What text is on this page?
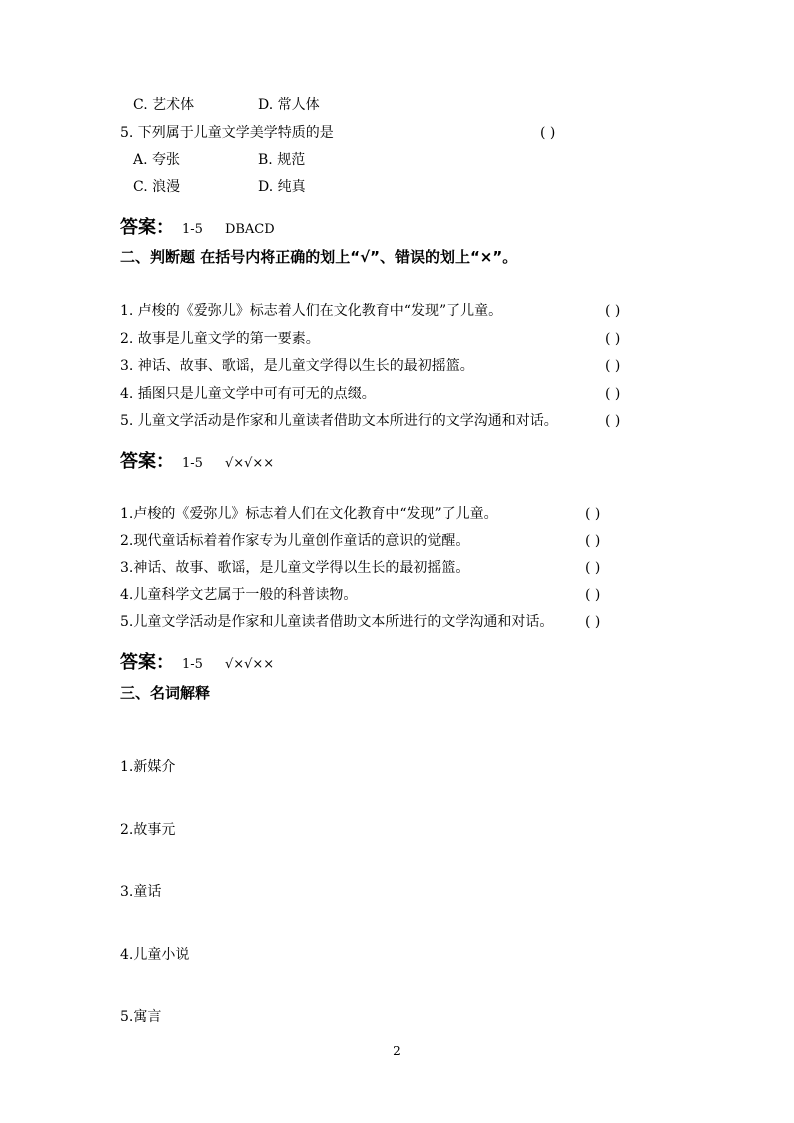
C. 艺术体	D. 常人体
5. 下列属于儿童文学美学特质的是	( )
A. 夸张	B. 规范
C. 浪漫	D. 纯真
答案： 1-5 DBACD
二、判断题 在括号内将正确的划上“√”、错误的划上“×”。
1. 卢梭的《爱弥儿》标志着人们在文化教育中“发现”了儿童。	( )
2. 故事是儿童文学的第一要素。	( )
3. 神话、故事、歌谣，是儿童文学得以生长的最初摇篮。	( )
4. 插图只是儿童文学中可有可无的点缀。	( )
5. 儿童文学活动是作家和儿童读者借助文本所进行的文学沟通和对话。	( )
答案： 1-5 √×√××
1.卢梭的《爱弥儿》标志着人们在文化教育中“发现”了儿童。	( )
2.现代童话标着着作家专为儿童创作童话的意识的觉醒。	( )
3.神话、故事、歌谣，是儿童文学得以生长的最初摇篮。	( )
4.儿童科学文艺属于一般的科普读物。	( )
5.儿童文学活动是作家和儿童读者借助文本所进行的文学沟通和对话。 ( )
答案： 1-5 √×√××
三、名词解释
1.新媒介
2.故事元
3.童话
4.儿童小说
5.寓言
2
